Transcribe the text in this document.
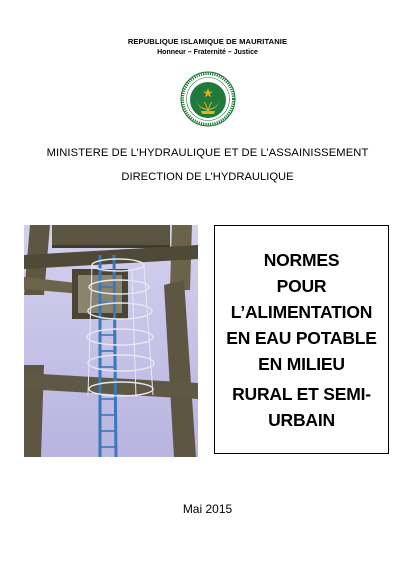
REPUBLIQUE ISLAMIQUE DE MAURITANIE
Honneur – Fraternité – Justice
MINISTERE DE L’HYDRAULIQUE ET DE L’ASSAINISSEMENT
DIRECTION DE L’HYDRAULIQUE
NORMES
POUR
L’ALIMENTATION
EN EAU POTABLE
EN MILIEU
RURAL ET SEMI-
URBAIN
Mai 2015
